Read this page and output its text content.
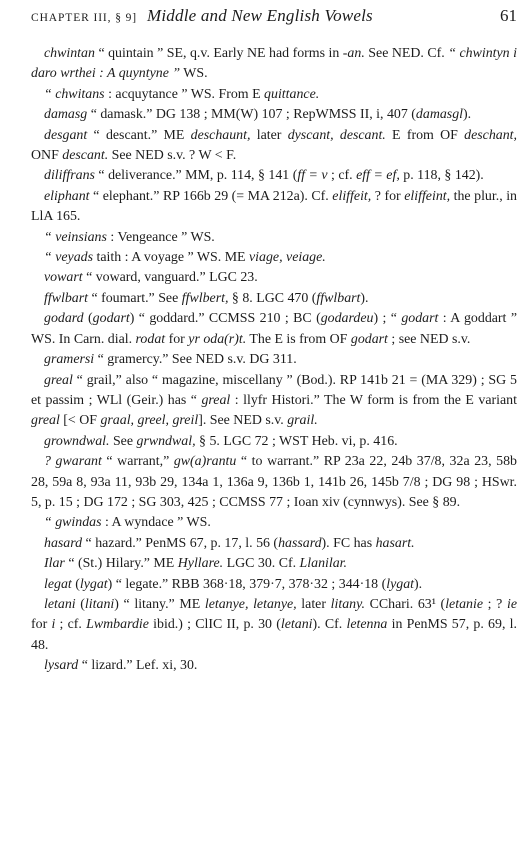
CHAPTER III, § 9] Middle and New English Vowels	61

chwintan “ quintain ” SE, q.v. Early NE had forms in -an. See NED. Cf. “ chwintyn i daro wrthei : A quyntyne ” WS.

“ chwitans : acquytance ” WS. From E quittance.

damasg “ damask.” DG 138 ; MM(W) 107 ; RepWMSS II, i, 407 (damasgl).

desgant “ descant.” ME deschaunt, later dyscant, descant. E from OF deschant, ONF descant. See NED s.v. ? W < F.

diliffrans “ deliverance.” MM, p. 114, § 141 (ff = v ; cf. eff = ef, p. 118, § 142).

eliphant “ elephant.” RP 166b 29 (= MA 212a). Cf. eliffeit, ? for eliffeint, the plur., in LlA 165.

“ veinsians : Vengeance ” WS.

“ veyads taith : A voyage ” WS. ME viage, veiage.

vowart “ voward, vanguard.” LGC 23.

ffwlbart “ foumart.” See ffwlbert, § 8. LGC 470 (ffwlbart).

godard (godart) “ goddard.” CCMSS 210 ; BC (godardeu) ; “ godart : A goddart ” WS. In Carn. dial. rodat for yr oda(r)t. The E is from OF godart ; see NED s.v.

gramersi “ gramercy.” See NED s.v. DG 311.

greal “ grail,” also “ magazine, miscellany ” (Bod.). RP 141b 21 = (MA 329) ; SG 5 et passim ; WLl (Geir.) has “ greal : llyfr Histori.” The W form is from the E variant greal [< OF graal, greel, greil]. See NED s.v. grail.

growndwal. See grwndwal, § 5. LGC 72 ; WST Heb. vi, p. 416.

? gwarant “ warrant,” gw(a)rantu “ to warrant.” RP 23a 22, 24b 37/8, 32a 23, 58b 28, 59a 8, 93a 11, 93b 29, 134a 1, 136a 9, 136b 1, 141b 26, 145b 7/8 ; DG 98 ; HSwr. 5, p. 15 ; DG 172 ; SG 303, 425 ; CCMSS 77 ; Ioan xiv (cynnwys). See § 89.

“ gwindas : A wyndace ” WS.

hasard “ hazard.” PenMS 67, p. 17, l. 56 (hassard). FC has hasart.

Ilar “ (St.) Hilary.” ME Hyllare. LGC 30. Cf. Llanilar.

legat (lygat) “ legate.” RBB 368·18, 379·7, 378·32 ; 344·18 (lygat).

letani (litani) “ litany.” ME letanye, letanye, later litany. CChari. 63¹ (letanie ; ? ie for i ; cf. Lwmbardie ibid.) ; ClIC II, p. 30 (letani). Cf. letenna in PenMS 57, p. 69, l. 48.

lysard “ lizard.” Lef. xi, 30.
